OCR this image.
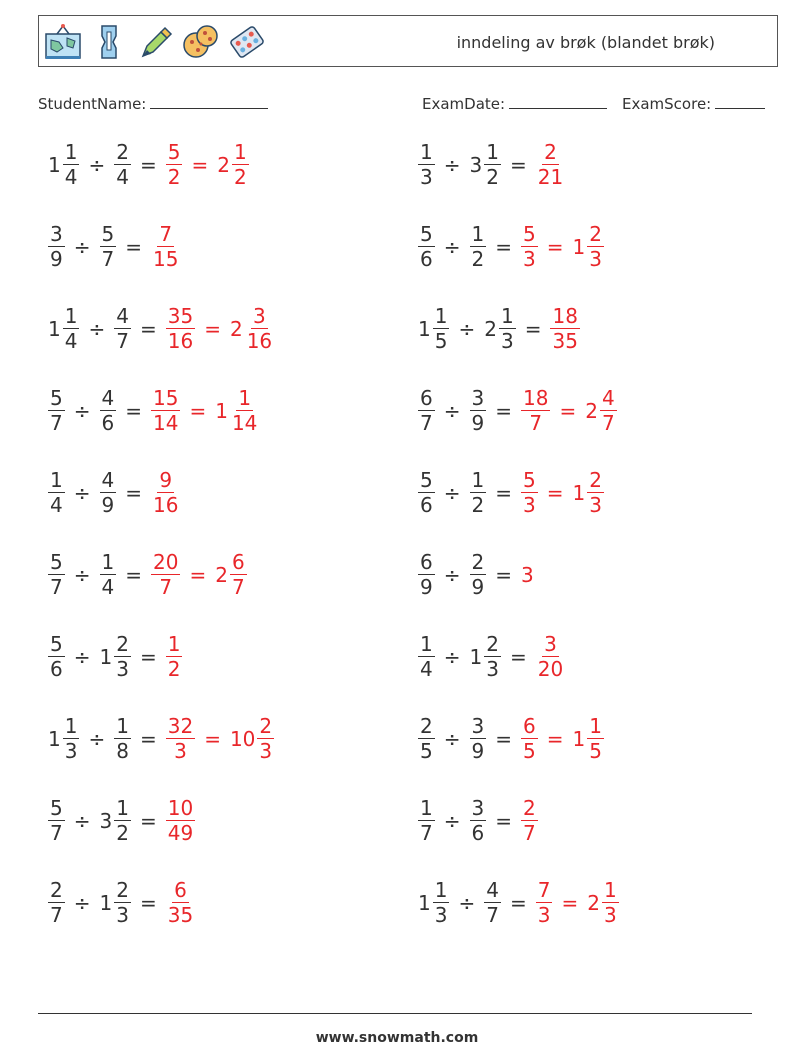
inndeling av brøk (blandet brøk)
StudentName:	ExamDate:	ExamScore:
$1 \frac{1}{4} \div \frac{2}{4} = \frac{5}{2} = 2 \frac{1}{2}$	$\frac{1}{3} \div 3 \frac{1}{2} = \frac{2}{21}$
$\frac{3}{9} \div \frac{5}{7} = \frac{7}{15}$	$\frac{5}{6} \div \frac{1}{2} = \frac{5}{3} = 1 \frac{2}{3}$
$1 \frac{1}{4} \div \frac{4}{7} = \frac{35}{16} = 2 \frac{3}{16}$	$1 \frac{1}{5} \div 2 \frac{1}{3} = \frac{18}{35}$
$\frac{5}{7} \div \frac{4}{6} = \frac{15}{14} = 1 \frac{1}{14}$	$\frac{6}{7} \div \frac{3}{9} = \frac{18}{7} = 2 \frac{4}{7}$
$\frac{1}{4} \div \frac{4}{9} = \frac{9}{16}$	$\frac{5}{6} \div \frac{1}{2} = \frac{5}{3} = 1 \frac{2}{3}$
$\frac{5}{7} \div \frac{1}{4} = \frac{20}{7} = 2 \frac{6}{7}$	$\frac{6}{9} \div \frac{2}{9} = 3$
$\frac{5}{6} \div 1 \frac{2}{3} = \frac{1}{2}$	$\frac{1}{4} \div 1 \frac{2}{3} = \frac{3}{20}$
$1 \frac{1}{3} \div \frac{1}{8} = \frac{32}{3} = 10 \frac{2}{3}$	$\frac{2}{5} \div \frac{3}{9} = \frac{6}{5} = 1 \frac{1}{5}$
$\frac{5}{7} \div 3 \frac{1}{2} = \frac{10}{49}$	$\frac{1}{7} \div \frac{3}{6} = \frac{2}{7}$
$\frac{2}{7} \div 1 \frac{2}{3} = \frac{6}{35}$	$1 \frac{1}{3} \div \frac{4}{7} = \frac{7}{3} = 2 \frac{1}{3}$
www.snowmath.com
